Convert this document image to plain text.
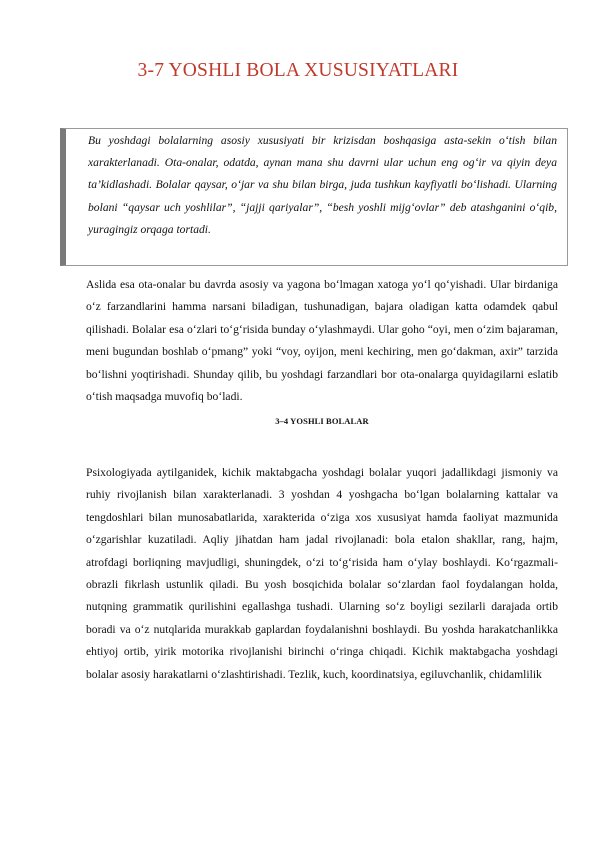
3-7 YOSHLI BOLA XUSUSIYATLARI
Bu yoshdagi bolalarning asosiy xususiyati bir krizisdan boshqasiga asta-sekin o‘tish bilan xarakterlanadi. Ota-onalar, odatda, aynan mana shu davrni ular uchun eng og‘ir va qiyin deya ta’kidlashadi. Bolalar qaysar, o‘jar va shu bilan birga, juda tushkun kayfiyatli bo‘lishadi. Ularning bolani “qaysar uch yoshlilar”, “jajji qariyalar”, “besh yoshli mijg‘ovlar” deb atashganini o‘qib, yuragingiz orqaga tortadi.
Aslida esa ota-onalar bu davrda asosiy va yagona bo‘lmagan xatoga yo‘l qo‘yishadi. Ular birdaniga o‘z farzandlarini hamma narsani biladigan, tushunadigan, bajara oladigan katta odamdek qabul qilishadi. Bolalar esa o‘zlari to‘g‘risida bunday o‘ylashmaydi. Ular goho “oyi, men o‘zim bajaraman, meni bugundan boshlab o‘pmang” yoki “voy, oyijon, meni kechiring, men go‘dakman, axir” tarzida bo‘lishni yoqtirishadi. Shunday qilib, bu yoshdagi farzandlari bor ota-onalarga quyidagilarni eslatib o‘tish maqsadga muvofiq bo‘ladi.
3–4 YOSHLI BOLALAR
Psixologiyada aytilganidek, kichik maktabgacha yoshdagi bolalar yuqori jadallikdagi jismoniy va ruhiy rivojlanish bilan xarakterlanadi. 3 yoshdan 4 yoshgacha bo‘lgan bolalarning kattalar va tengdoshlari bilan munosabatlarida, xarakterida o‘ziga xos xususiyat hamda faoliyat mazmunida o‘zgarishlar kuzatiladi. Aqliy jihatdan ham jadal rivojlanadi: bola etalon shakllar, rang, hajm, atrofdagi borliqning mavjudligi, shuningdek, o‘zi to‘g‘risida ham o‘ylay boshlaydi. Ko‘rgazmali-obrazli fikrlash ustunlik qiladi. Bu yosh bosqichida bolalar so‘zlardan faol foydalangan holda, nutqning grammatik qurilishini egallashga tushadi. Ularning so‘z boyligi sezilarli darajada ortib boradi va o‘z nutqlarida murakkab gaplardan foydalanishni boshlaydi. Bu yoshda harakatchanlikka ehtiyoj ortib, yirik motorika rivojlanishi birinchi o‘ringa chiqadi. Kichik maktabgacha yoshdagi bolalar asosiy harakatlarni o‘zlashtirishadi. Tezlik, kuch, koordinatsiya, egiluvchanlik, chidamlilik
